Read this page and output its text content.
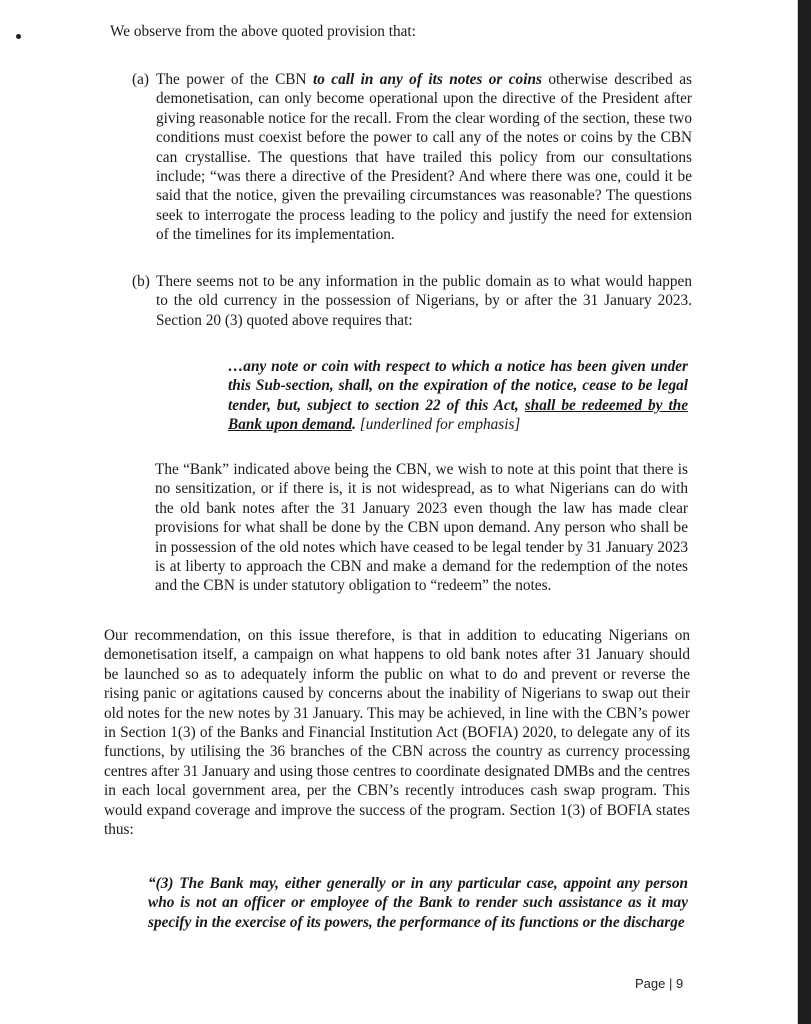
We observe from the above quoted provision that:
(a) The power of the CBN to call in any of its notes or coins otherwise described as demonetisation, can only become operational upon the directive of the President after giving reasonable notice for the recall. From the clear wording of the section, these two conditions must coexist before the power to call any of the notes or coins by the CBN can crystallise. The questions that have trailed this policy from our consultations include; “was there a directive of the President? And where there was one, could it be said that the notice, given the prevailing circumstances was reasonable? The questions seek to interrogate the process leading to the policy and justify the need for extension of the timelines for its implementation.
(b) There seems not to be any information in the public domain as to what would happen to the old currency in the possession of Nigerians, by or after the 31 January 2023. Section 20 (3) quoted above requires that:
…any note or coin with respect to which a notice has been given under this Sub-section, shall, on the expiration of the notice, cease to be legal tender, but, subject to section 22 of this Act, shall be redeemed by the Bank upon demand. [underlined for emphasis]
The “Bank” indicated above being the CBN, we wish to note at this point that there is no sensitization, or if there is, it is not widespread, as to what Nigerians can do with the old bank notes after the 31 January 2023 even though the law has made clear provisions for what shall be done by the CBN upon demand. Any person who shall be in possession of the old notes which have ceased to be legal tender by 31 January 2023 is at liberty to approach the CBN and make a demand for the redemption of the notes and the CBN is under statutory obligation to “redeem” the notes.
Our recommendation, on this issue therefore, is that in addition to educating Nigerians on demonetisation itself, a campaign on what happens to old bank notes after 31 January should be launched so as to adequately inform the public on what to do and prevent or reverse the rising panic or agitations caused by concerns about the inability of Nigerians to swap out their old notes for the new notes by 31 January. This may be achieved, in line with the CBN’s power in Section 1(3) of the Banks and Financial Institution Act (BOFIA) 2020, to delegate any of its functions, by utilising the 36 branches of the CBN across the country as currency processing centres after 31 January and using those centres to coordinate designated DMBs and the centres in each local government area, per the CBN’s recently introduces cash swap program. This would expand coverage and improve the success of the program. Section 1(3) of BOFIA states thus:
“(3) The Bank may, either generally or in any particular case, appoint any person who is not an officer or employee of the Bank to render such assistance as it may specify in the exercise of its powers, the performance of its functions or the discharge
Page | 9
